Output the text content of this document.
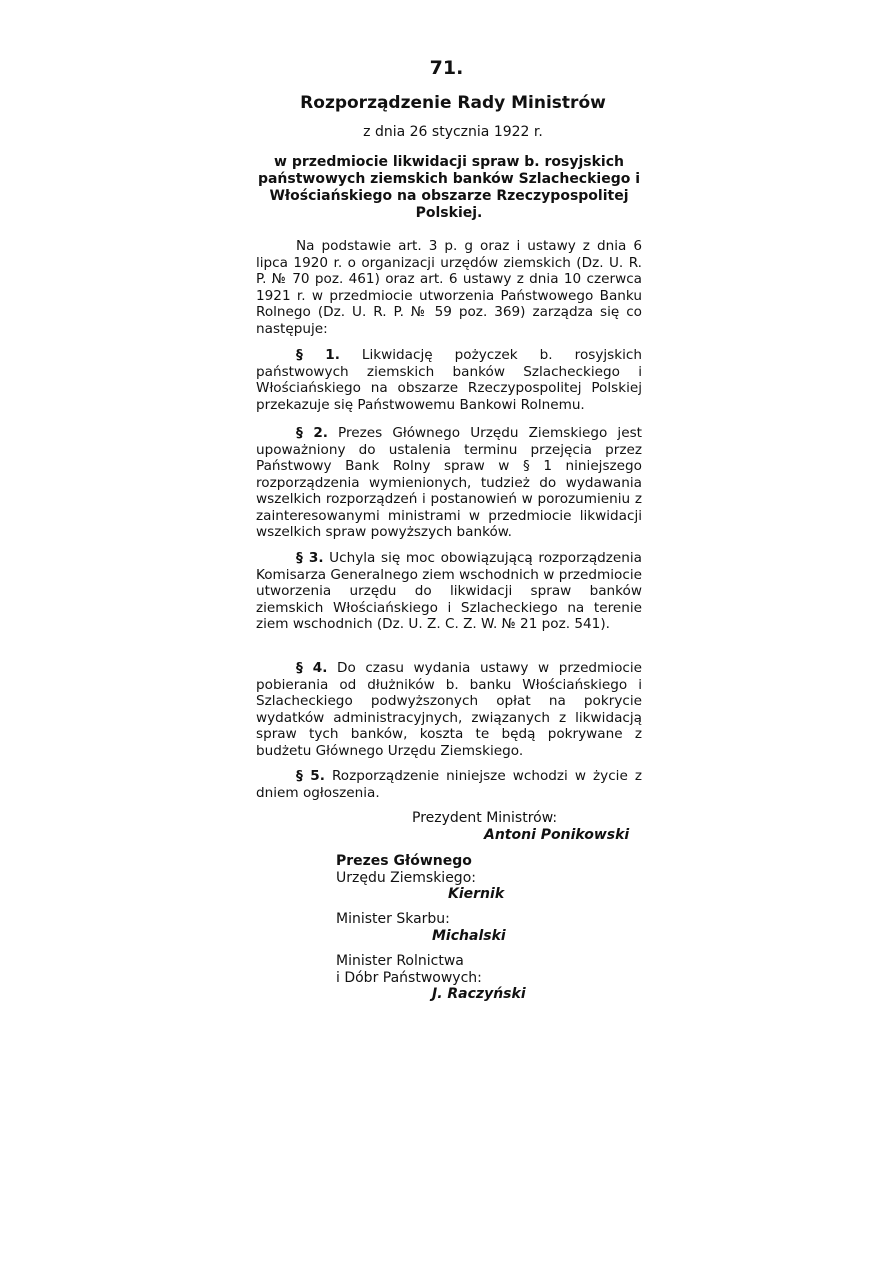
71.
Rozporządzenie Rady Ministrów
z dnia 26 stycznia 1922 r.
w przedmiocie likwidacji spraw b. rosyjskich państwowych ziemskich banków Szlacheckiego i Włościańskiego na obszarze Rzeczypospolitej Polskiej.

Na podstawie art. 3 p. g oraz i ustawy z dnia 6 lipca 1920 r. o organizacji urzędów ziemskich (Dz. U. R. P. № 70 poz. 461) oraz art. 6 ustawy z dnia 10 czerwca 1921 r. w przedmiocie utworzenia Państwowego Banku Rolnego (Dz. U. R. P. № 59 poz. 369) zarządza się co następuje:

§ 1. Likwidację pożyczek b. rosyjskich państwowych ziemskich banków Szlacheckiego i Włościańskiego na obszarze Rzeczypospolitej Polskiej przekazuje się Państwowemu Bankowi Rolnemu.

§ 2. Prezes Głównego Urzędu Ziemskiego jest upoważniony do ustalenia terminu przejęcia przez Państwowy Bank Rolny spraw w § 1 niniejszego rozporządzenia wymienionych, tudzież do wydawania wszelkich rozporządzeń i postanowień w porozumieniu z zainteresowanymi ministrami w przedmiocie likwidacji wszelkich spraw powyższych banków.

§ 3. Uchyla się moc obowiązującą rozporządzenia Komisarza Generalnego ziem wschodnich w przedmiocie utworzenia urzędu do likwidacji spraw banków ziemskich Włościańskiego i Szlacheckiego na terenie ziem wschodnich (Dz. U. Z. C. Z. W. № 21 poz. 541).

§ 4. Do czasu wydania ustawy w przedmiocie pobierania od dłużników b. banku Włościańskiego i Szlacheckiego podwyższonych opłat na pokrycie wydatków administracyjnych, związanych z likwidacją spraw tych banków, koszta te będą pokrywane z budżetu Głównego Urzędu Ziemskiego.

§ 5. Rozporządzenie niniejsze wchodzi w życie z dniem ogłoszenia.

Prezydent Ministrów:
Antoni Ponikowski
Prezes Głównego
Urzędu Ziemskiego:
Kiernik
Minister Skarbu:
Michalski
Minister Rolnictwa
i Dóbr Państwowych:
J. Raczyński
